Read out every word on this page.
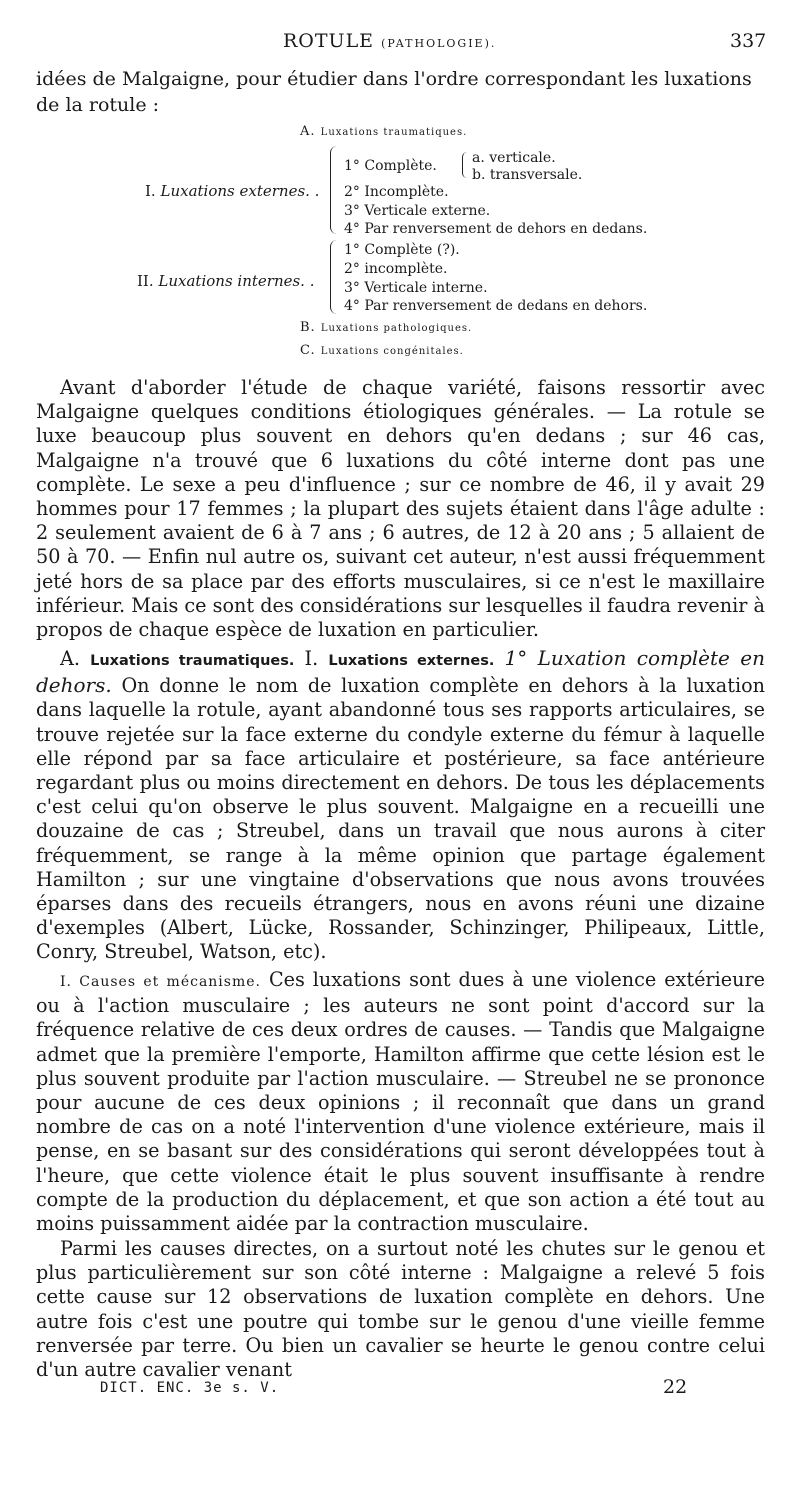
ROTULE (PATHOLOGIE).	337

idées de Malgaigne, pour étudier dans l'ordre correspondant les luxations de la rotule :

A. Luxations traumatiques.
I. Luxations externes. .
1° Complète.	a. verticale.
b. transversale.
2° Incomplète.
3° Verticale externe.
4° Par renversement de dehors en dedans.
II. Luxations internes. .
1° Complète (?).
2° incomplète.
3° Verticale interne.
4° Par renversement de dedans en dehors.
B. Luxations pathologiques.
C. Luxations congénitales.

Avant d'aborder l'étude de chaque variété, faisons ressortir avec Malgaigne quelques conditions étiologiques générales. — La rotule se luxe beaucoup plus souvent en dehors qu'en dedans ; sur 46 cas, Malgaigne n'a trouvé que 6 luxations du côté interne dont pas une complète. Le sexe a peu d'influence ; sur ce nombre de 46, il y avait 29 hommes pour 17 femmes ; la plupart des sujets étaient dans l'âge adulte : 2 seulement avaient de 6 à 7 ans ; 6 autres, de 12 à 20 ans ; 5 allaient de 50 à 70. — Enfin nul autre os, suivant cet auteur, n'est aussi fréquemment jeté hors de sa place par des efforts musculaires, si ce n'est le maxillaire inférieur. Mais ce sont des considérations sur lesquelles il faudra revenir à propos de chaque espèce de luxation en particulier.

A. Luxations traumatiques. I. Luxations externes. 1° Luxation complète en dehors. On donne le nom de luxation complète en dehors à la luxation dans laquelle la rotule, ayant abandonné tous ses rapports articulaires, se trouve rejetée sur la face externe du condyle externe du fémur à laquelle elle répond par sa face articulaire et postérieure, sa face antérieure regardant plus ou moins directement en dehors. De tous les déplacements c'est celui qu'on observe le plus souvent. Malgaigne en a recueilli une douzaine de cas ; Streubel, dans un travail que nous aurons à citer fréquemment, se range à la même opinion que partage également Hamilton ; sur une vingtaine d'observations que nous avons trouvées éparses dans des recueils étrangers, nous en avons réuni une dizaine d'exemples (Albert, Lücke, Rossander, Schinzinger, Philipeaux, Little, Conry, Streubel, Watson, etc).

I. Causes et mécanisme. Ces luxations sont dues à une violence extérieure ou à l'action musculaire ; les auteurs ne sont point d'accord sur la fréquence relative de ces deux ordres de causes. — Tandis que Malgaigne admet que la première l'emporte, Hamilton affirme que cette lésion est le plus souvent produite par l'action musculaire. — Streubel ne se prononce pour aucune de ces deux opinions ; il reconnaît que dans un grand nombre de cas on a noté l'intervention d'une violence extérieure, mais il pense, en se basant sur des considérations qui seront développées tout à l'heure, que cette violence était le plus souvent insuffisante à rendre compte de la production du déplacement, et que son action a été tout au moins puissamment aidée par la contraction musculaire.

Parmi les causes directes, on a surtout noté les chutes sur le genou et plus particulièrement sur son côté interne : Malgaigne a relevé 5 fois cette cause sur 12 observations de luxation complète en dehors. Une autre fois c'est une poutre qui tombe sur le genou d'une vieille femme renversée par terre. Ou bien un cavalier se heurte le genou contre celui d'un autre cavalier venant

DICT. ENC. 3e s. V.	22
